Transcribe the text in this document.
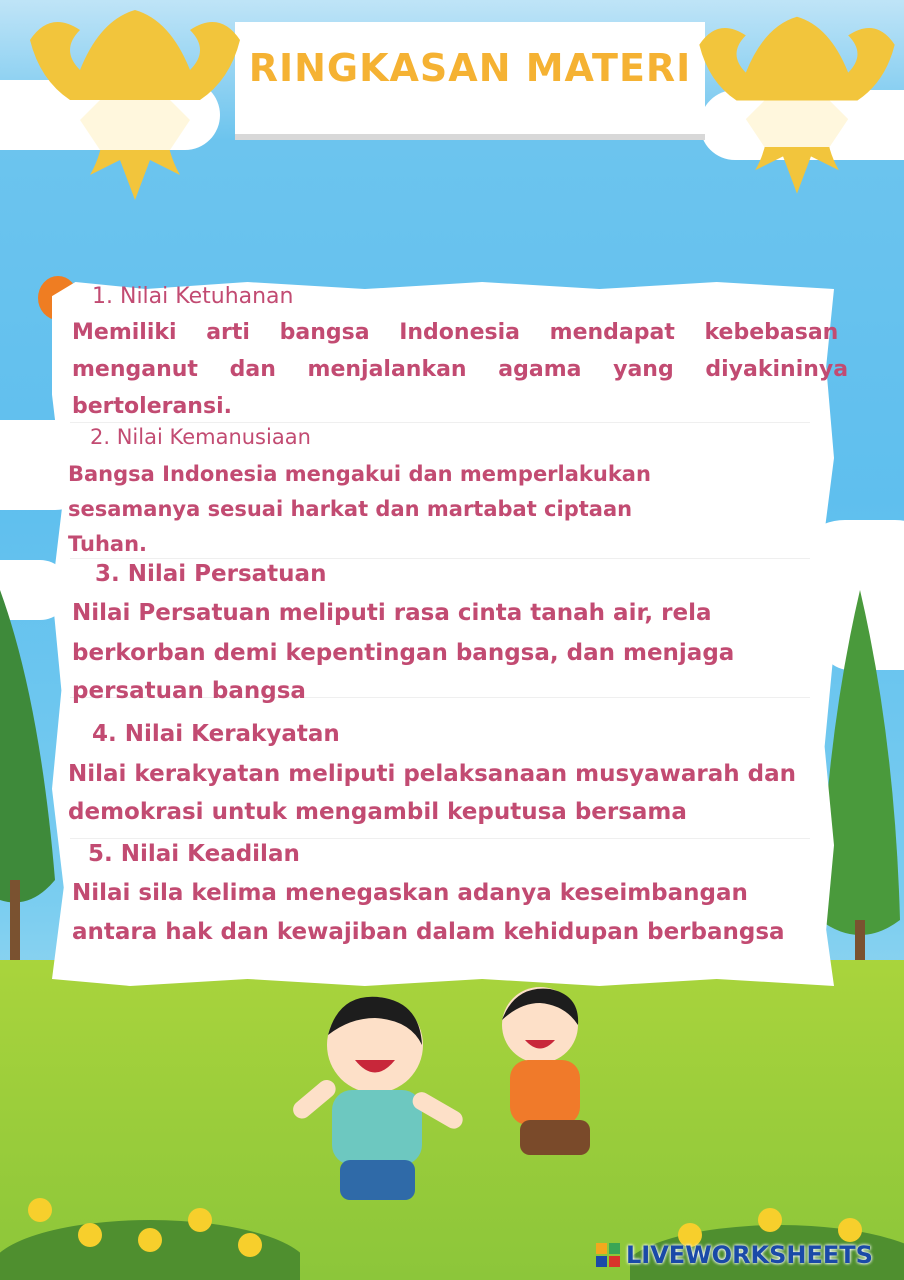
RINGKASAN MATERI
1. Nilai Ketuhanan
Memiliki arti bangsa Indonesia mendapat kebebasan
menganut dan menjalankan agama yang diyakininya
bertoleransi.
2. Nilai Kemanusiaan
Bangsa Indonesia mengakui dan memperlakukan
sesamanya sesuai harkat dan martabat ciptaan
Tuhan.
3. Nilai Persatuan
Nilai Persatuan meliputi rasa cinta tanah air, rela
berkorban demi kepentingan bangsa, dan menjaga
persatuan bangsa
4. Nilai Kerakyatan
Nilai kerakyatan meliputi pelaksanaan musyawarah dan
demokrasi untuk mengambil keputusa bersama
5. Nilai Keadilan
Nilai sila kelima menegaskan adanya keseimbangan
antara hak dan kewajiban dalam kehidupan berbangsa
LIVEWORKSHEETS
